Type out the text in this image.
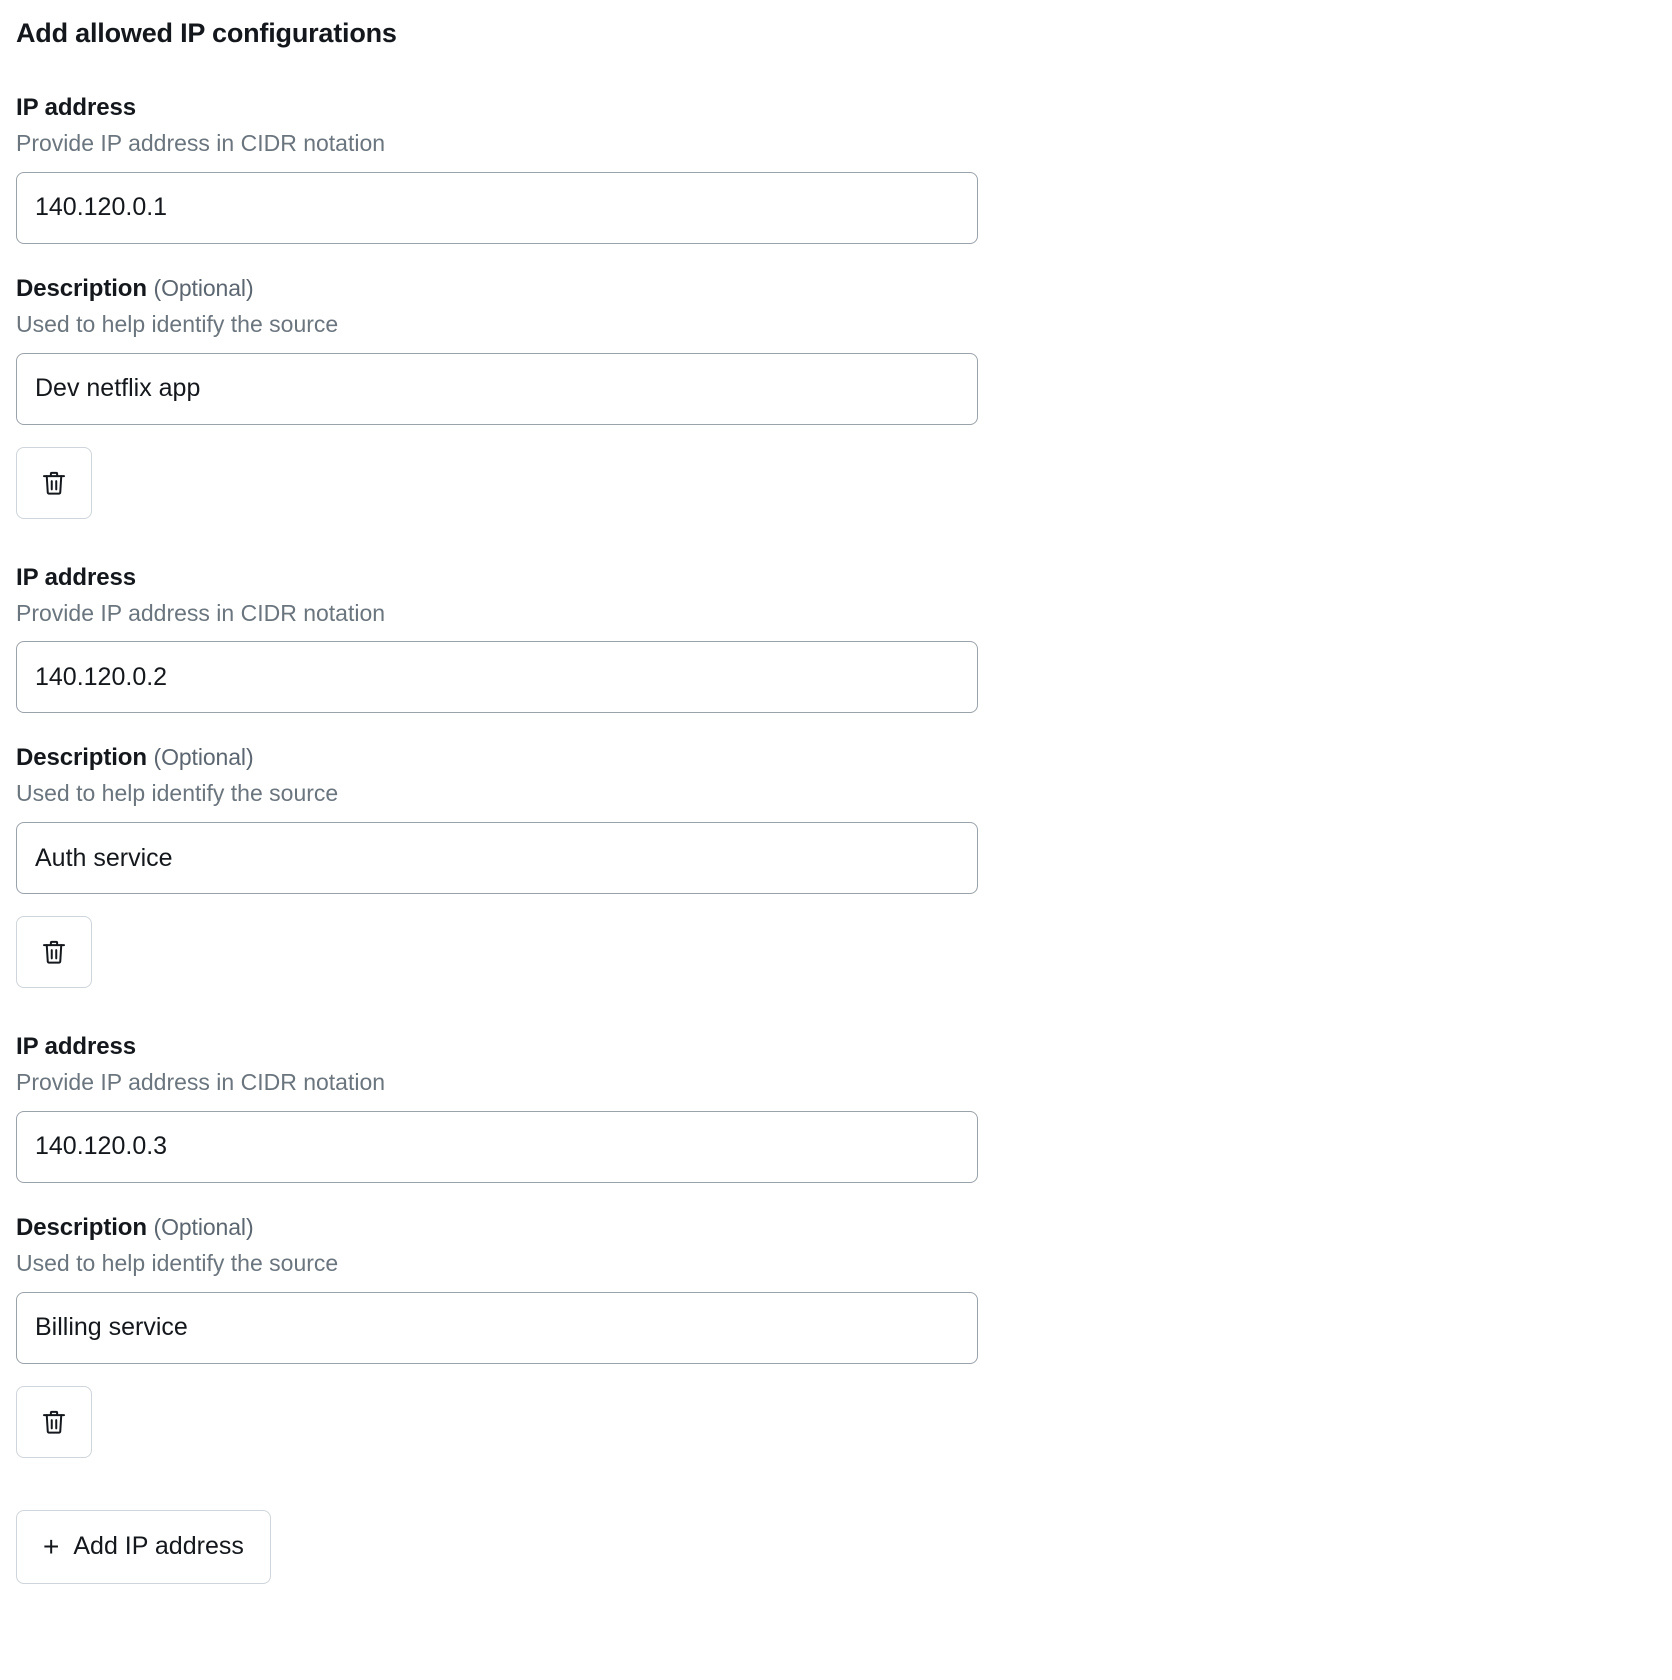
Add allowed IP configurations
IP address
Provide IP address in CIDR notation
140.120.0.1
Description (Optional)
Used to help identify the source
Dev netflix app
IP address
Provide IP address in CIDR notation
140.120.0.2
Description (Optional)
Used to help identify the source
Auth service
IP address
Provide IP address in CIDR notation
140.120.0.3
Description (Optional)
Used to help identify the source
Billing service
+ Add IP address
